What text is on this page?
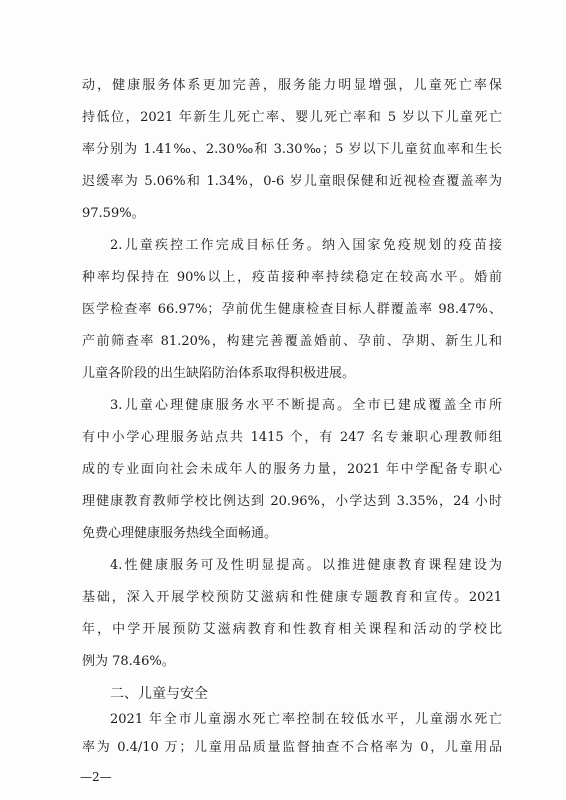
动，健康服务体系更加完善，服务能力明显增强，儿童死亡率保
持低位，2021 年新生儿死亡率、婴儿死亡率和 5 岁以下儿童死亡
率分别为 1.41‰、2.30‰和 3.30‰；5 岁以下儿童贫血率和生长
迟缓率为 5.06%和 1.34%，0-6 岁儿童眼保健和近视检查覆盖率为
97.59%。
2.儿童疾控工作完成目标任务。纳入国家免疫规划的疫苗接
种率均保持在 90%以上，疫苗接种率持续稳定在较高水平。婚前
医学检查率 66.97%；孕前优生健康检查目标人群覆盖率 98.47%、
产前筛查率 81.20%，构建完善覆盖婚前、孕前、孕期、新生儿和
儿童各阶段的出生缺陷防治体系取得积极进展。
3.儿童心理健康服务水平不断提高。全市已建成覆盖全市所
有中小学心理服务站点共 1415 个，有 247 名专兼职心理教师组
成的专业面向社会未成年人的服务力量，2021 年中学配备专职心
理健康教育教师学校比例达到 20.96%，小学达到 3.35%，24 小时
免费心理健康服务热线全面畅通。
4.性健康服务可及性明显提高。以推进健康教育课程建设为
基础，深入开展学校预防艾滋病和性健康专题教育和宣传。2021
年，中学开展预防艾滋病教育和性教育相关课程和活动的学校比
例为 78.46%。
二、儿童与安全
2021 年全市儿童溺水死亡率控制在较低水平，儿童溺水死亡
率为 0.4/10 万；儿童用品质量监督抽查不合格率为 0，儿童用品
—2—
